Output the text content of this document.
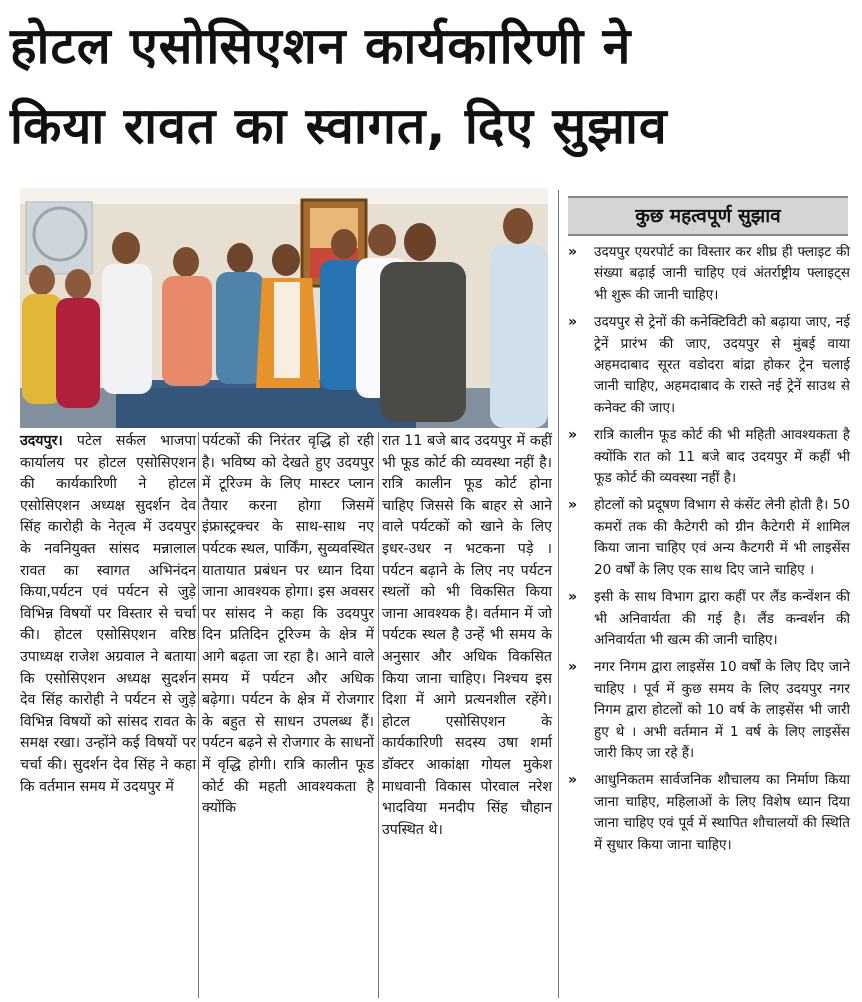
होटल एसोसिएशन कार्यकारिणी ने
किया रावत का स्वागत, दिए सुझाव
कुछ महत्वपूर्ण सुझाव
उदयपुर। पटेल सर्कल भाजपा कार्यालय पर होटल एसोसिएशन की कार्यकारिणी ने होटल एसोसिएशन अध्यक्ष सुदर्शन देव सिंह कारोही के नेतृत्व में उदयपुर के नवनियुक्त सांसद मन्नालाल रावत का स्वागत अभिनंदन किया,पर्यटन एवं पर्यटन से जुड़े विभिन्न विषयों पर विस्तार से चर्चा की। होटल एसोसिएशन वरिष्ठ उपाध्यक्ष राजेश अग्रवाल ने बताया कि एसोसिएशन अध्यक्ष सुदर्शन देव सिंह कारोही ने पर्यटन से जुड़े विभिन्न विषयों को सांसद रावत के समक्ष रखा। उन्होंने कई विषयों पर चर्चा की। सुदर्शन देव सिंह ने कहा कि वर्तमान समय में उदयपुर में
पर्यटकों की निरंतर वृद्धि हो रही है। भविष्य को देखते हुए उदयपुर में टूरिज्म के लिए मास्टर प्लान तैयार करना होगा जिसमें इंफ्रास्ट्रक्चर के साथ-साथ नए पर्यटक स्थल, पार्किंग, सुव्यवस्थित यातायात प्रबंधन पर ध्यान दिया जाना आवश्यक होगा। इस अवसर पर सांसद ने कहा कि उदयपुर दिन प्रतिदिन टूरिज्म के क्षेत्र में आगे बढ़ता जा रहा है। आने वाले समय में पर्यटन और अधिक बढ़ेगा। पर्यटन के क्षेत्र में रोजगार के बहुत से साधन उपलब्ध हैं।पर्यटन बढ़ने से रोजगार के साधनों में वृद्धि होगी। रात्रि कालीन फूड कोर्ट की महती आवश्यकता है क्योंकि
रात 11 बजे बाद उदयपुर में कहीं भी फूड कोर्ट की व्यवस्था नहीं है। रात्रि कालीन फूड कोर्ट होना चाहिए जिससे कि बाहर से आने वाले पर्यटकों को खाने के लिए इधर-उधर न भटकना पड़े । पर्यटन बढ़ाने के लिए नए पर्यटन स्थलों को भी विकसित किया जाना आवश्यक है। वर्तमान में जो पर्यटक स्थल है उन्हें भी समय के अनुसार और अधिक विकसित किया जाना चाहिए। निश्चय इस दिशा में आगे प्रत्यनशील रहेंगे। होटल एसोसिएशन के कार्यकारिणी सदस्य उषा शर्मा डॉक्टर आकांक्षा गोयल मुकेश माधवानी विकास पोरवाल नरेश भादविया मनदीप सिंह चौहान उपस्थित थे।
» उदयपुर एयरपोर्ट का विस्तार कर शीघ्र ही फ्लाइट की संख्या बढ़ाई जानी चाहिए एवं अंतर्राष्ट्रीय फ्लाइट्स भी शुरू की जानी चाहिए।
» उदयपुर से ट्रेनों की कनेक्टिविटी को बढ़ाया जाए, नई ट्रेनें प्रारंभ की जाए, उदयपुर से मुंबई वाया अहमदाबाद सूरत वडोदरा बांद्रा होकर ट्रेन चलाई जानी चाहिए, अहमदाबाद के रास्ते नई ट्रेनें साउथ से कनेक्ट की जाए।
» रात्रि कालीन फूड कोर्ट की भी महिती आवश्यकता है क्योंकि रात को 11 बजे बाद उदयपुर में कहीं भी फूड कोर्ट की व्यवस्था नहीं है।
» होटलों को प्रदूषण विभाग से कंसेंट लेनी होती है। 50 कमरों तक की कैटेगरी को ग्रीन कैटेगरी में शामिल किया जाना चाहिए एवं अन्य कैटगरी में भी लाइसेंस 20 वर्षों के लिए एक साथ दिए जाने चाहिए ।
» इसी के साथ विभाग द्वारा कहीं पर लैंड कन्वेंशन की भी अनिवार्यता की गई है। लैंड कन्वर्शन की अनिवार्यता भी खत्म की जानी चाहिए।
» नगर निगम द्वारा लाइसेंस 10 वर्षों के लिए दिए जाने चाहिए । पूर्व में कुछ समय के लिए उदयपुर नगर निगम द्वारा होटलों को 10 वर्ष के लाइसेंस भी जारी हुए थे । अभी वर्तमान में 1 वर्ष के लिए लाइसेंस जारी किए जा रहे हैं।
» आधुनिकतम सार्वजनिक शौचालय का निर्माण किया जाना चाहिए, महिलाओं के लिए विशेष ध्यान दिया जाना चाहिए एवं पूर्व में स्थापित शौचालयों की स्थिति में सुधार किया जाना चाहिए।
